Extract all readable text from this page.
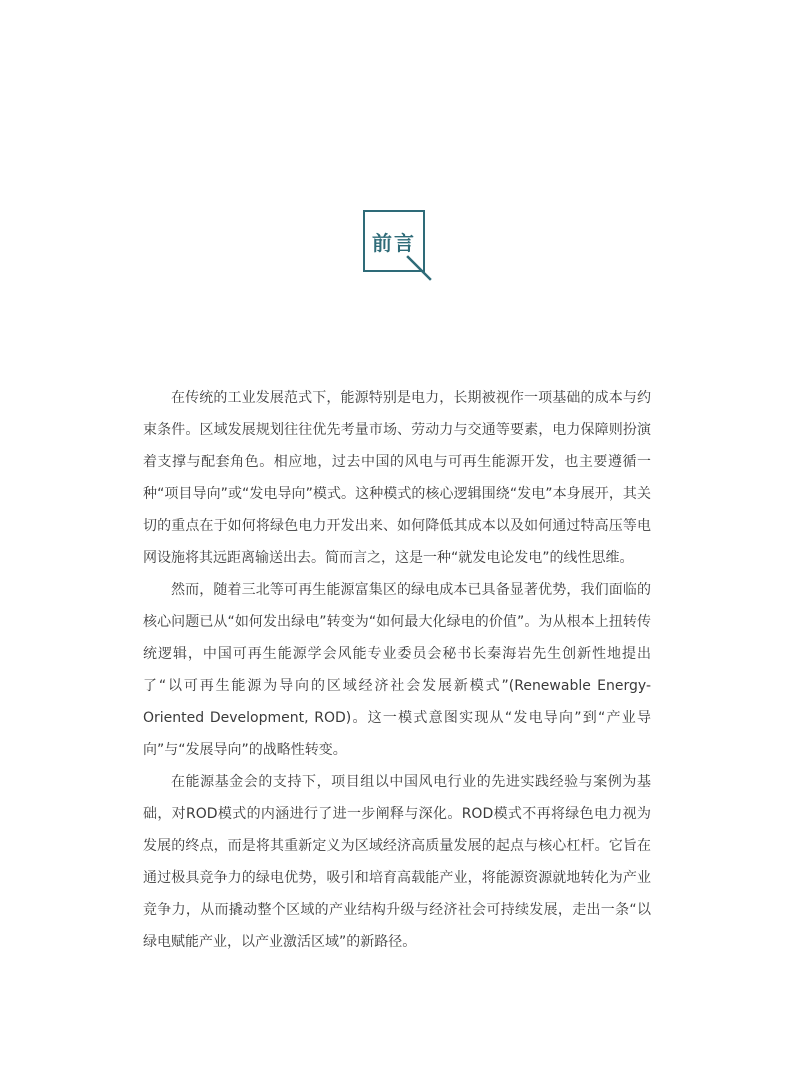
前言

在传统的工业发展范式下，能源特别是电力，长期被视作一项基础的成本与约束条件。区域发展规划往往优先考量市场、劳动力与交通等要素，电力保障则扮演着支撑与配套角色。相应地，过去中国的风电与可再生能源开发，也主要遵循一种“项目导向”或“发电导向”模式。这种模式的核心逻辑围绕“发电”本身展开，其关切的重点在于如何将绿色电力开发出来、如何降低其成本以及如何通过特高压等电网设施将其远距离输送出去。简而言之，这是一种“就发电论发电”的线性思维。

然而，随着三北等可再生能源富集区的绿电成本已具备显著优势，我们面临的核心问题已从“如何发出绿电”转变为“如何最大化绿电的价值”。为从根本上扭转传统逻辑，中国可再生能源学会风能专业委员会秘书长秦海岩先生创新性地提出了“以可再生能源为导向的区域经济社会发展新模式”(Renewable Energy-Oriented Development, ROD)。这一模式意图实现从“发电导向”到“产业导向”与“发展导向”的战略性转变。

在能源基金会的支持下，项目组以中国风电行业的先进实践经验与案例为基础，对ROD模式的内涵进行了进一步阐释与深化。ROD模式不再将绿色电力视为发展的终点，而是将其重新定义为区域经济高质量发展的起点与核心杠杆。它旨在通过极具竞争力的绿电优势，吸引和培育高载能产业，将能源资源就地转化为产业竞争力，从而撬动整个区域的产业结构升级与经济社会可持续发展，走出一条“以绿电赋能产业，以产业激活区域”的新路径。
